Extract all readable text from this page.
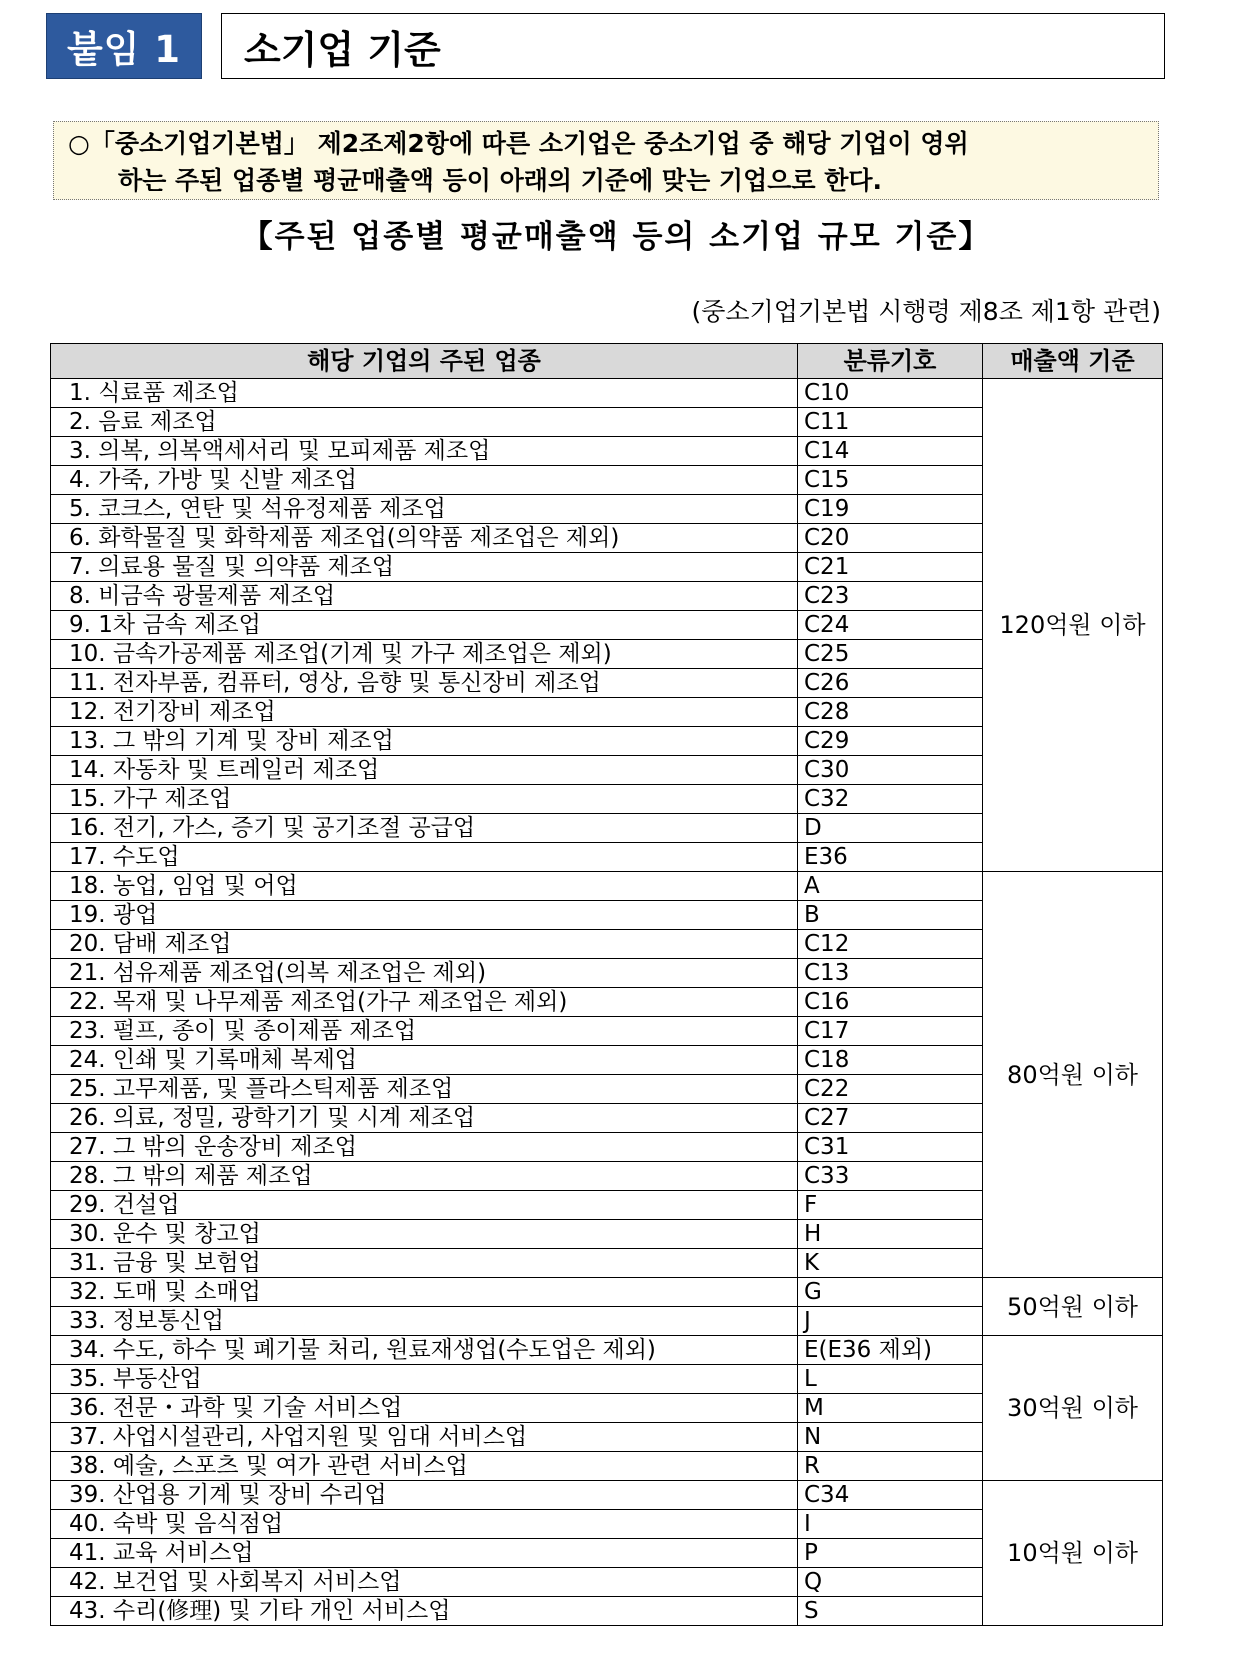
붙임 1	소기업 기준
○「중소기업기본법」 제2조제2항에 따른 소기업은 중소기업 중 해당 기업이 영위
하는 주된 업종별 평균매출액 등이 아래의 기준에 맞는 기업으로 한다.
【주된 업종별 평균매출액 등의 소기업 규모 기준】
(중소기업기본법 시행령 제8조 제1항 관련)
해당 기업의 주된 업종	분류기호	매출액 기준
1. 식료품 제조업	C10	120억원 이하
2. 음료 제조업	C11	
3. 의복, 의복액세서리 및 모피제품 제조업	C14	
4. 가죽, 가방 및 신발 제조업	C15	
5. 코크스, 연탄 및 석유정제품 제조업	C19	
6. 화학물질 및 화학제품 제조업(의약품 제조업은 제외)	C20	
7. 의료용 물질 및 의약품 제조업	C21	
8. 비금속 광물제품 제조업	C23	
9. 1차 금속 제조업	C24	
10. 금속가공제품 제조업(기계 및 가구 제조업은 제외)	C25	
11. 전자부품, 컴퓨터, 영상, 음향 및 통신장비 제조업	C26	
12. 전기장비 제조업	C28	
13. 그 밖의 기계 및 장비 제조업	C29	
14. 자동차 및 트레일러 제조업	C30	
15. 가구 제조업	C32	
16. 전기, 가스, 증기 및 공기조절 공급업	D	
17. 수도업	E36	
18. 농업, 임업 및 어업	A	80억원 이하
19. 광업	B	
20. 담배 제조업	C12	
21. 섬유제품 제조업(의복 제조업은 제외)	C13	
22. 목재 및 나무제품 제조업(가구 제조업은 제외)	C16	
23. 펄프, 종이 및 종이제품 제조업	C17	
24. 인쇄 및 기록매체 복제업	C18	
25. 고무제품, 및 플라스틱제품 제조업	C22	
26. 의료, 정밀, 광학기기 및 시계 제조업	C27	
27. 그 밖의 운송장비 제조업	C31	
28. 그 밖의 제품 제조업	C33	
29. 건설업	F	
30. 운수 및 창고업	H	
31. 금융 및 보험업	K	
32. 도매 및 소매업	G	50억원 이하
33. 정보통신업	J	
34. 수도, 하수 및 폐기물 처리, 원료재생업(수도업은 제외)	E(E36 제외)	30억원 이하
35. 부동산업	L	
36. 전문・과학 및 기술 서비스업	M	
37. 사업시설관리, 사업지원 및 임대 서비스업	N	
38. 예술, 스포츠 및 여가 관련 서비스업	R	
39. 산업용 기계 및 장비 수리업	C34	10억원 이하
40. 숙박 및 음식점업	I	
41. 교육 서비스업	P	
42. 보건업 및 사회복지 서비스업	Q	
43. 수리(修理) 및 기타 개인 서비스업	S	
